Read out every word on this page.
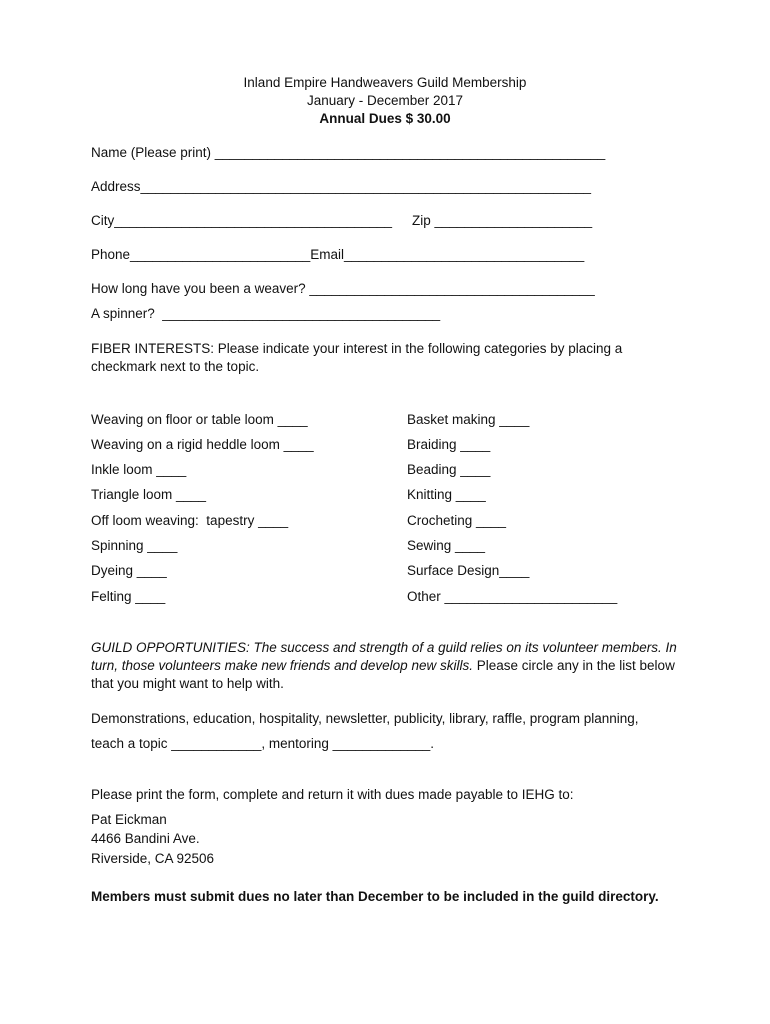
Inland Empire Handweavers Guild Membership
January - December 2017
Annual Dues $ 30.00
Name (Please print) ____________________________________________________
Address____________________________________________________________
City_____________________________________ Zip _____________________
Phone________________________Email________________________________
How long have you been a weaver? ______________________________________
A spinner?  _____________________________________
FIBER INTERESTS: Please indicate your interest in the following categories by placing a checkmark next to the topic.
Weaving on floor or table loom ____
Weaving on a rigid heddle loom ____
Inkle loom ____
Triangle loom ____
Off loom weaving:  tapestry ____
Spinning ____
Dyeing ____
Felting ____
Basket making ____
Braiding ____
Beading ____
Knitting ____
Crocheting ____
Sewing ____
Surface Design____
Other _______________________
GUILD OPPORTUNITIES: The success and strength of a guild relies on its volunteer members. In turn, those volunteers make new friends and develop new skills. Please circle any in the list below that you might want to help with.
Demonstrations, education, hospitality, newsletter, publicity, library, raffle, program planning,
teach a topic ____________, mentoring _____________.
Please print the form, complete and return it with dues made payable to IEHG to:
Pat Eickman
4466 Bandini Ave.
Riverside, CA 92506
Members must submit dues no later than December to be included in the guild directory.
